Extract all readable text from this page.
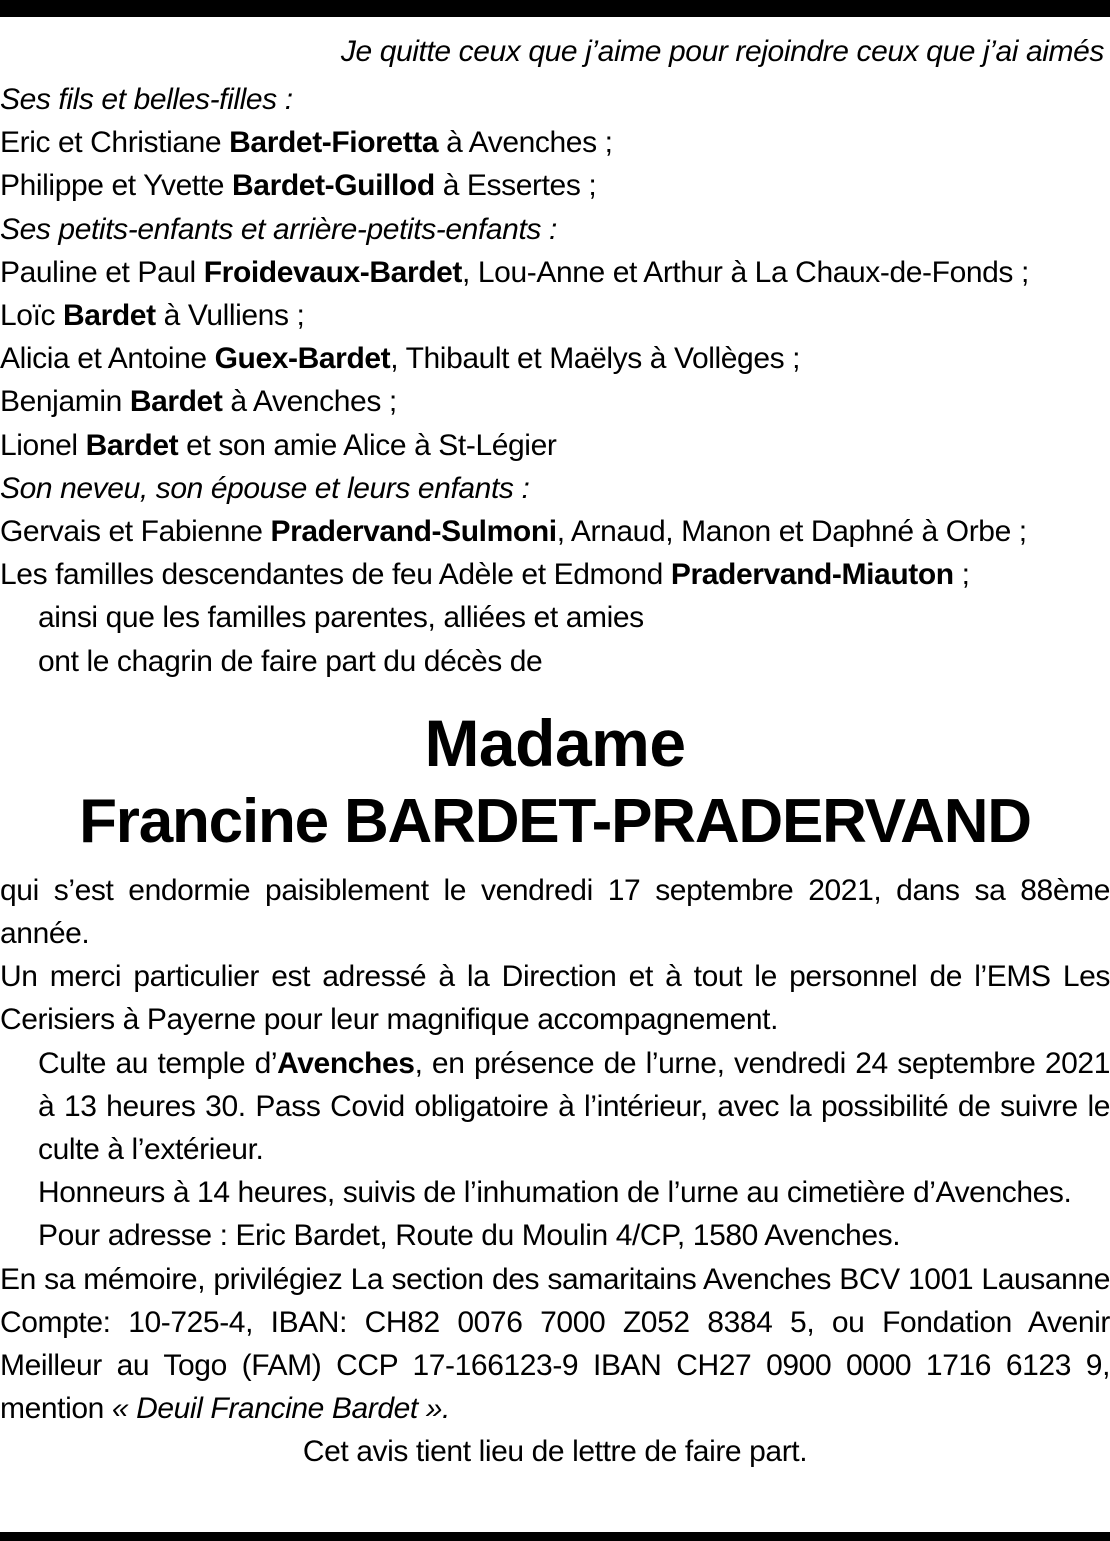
Je quitte ceux que j’aime pour rejoindre ceux que j’ai aimés

Ses fils et belles-filles :

Eric et Christiane Bardet-Fioretta à Avenches ;

Philippe et Yvette Bardet-Guillod à Essertes ;

Ses petits-enfants et arrière-petits-enfants :

Pauline et Paul Froidevaux-Bardet, Lou-Anne et Arthur à La Chaux-de-Fonds ;

Loïc Bardet à Vulliens ;

Alicia et Antoine Guex-Bardet, Thibault et Maëlys à Vollèges ;

Benjamin Bardet à Avenches ;

Lionel Bardet et son amie Alice à St-Légier

Son neveu, son épouse et leurs enfants :

Gervais et Fabienne Pradervand-Sulmoni, Arnaud, Manon et Daphné à Orbe ;

Les familles descendantes de feu Adèle et Edmond Pradervand-Miauton ;

ainsi que les familles parentes, alliées et amies

ont le chagrin de faire part du décès de

Madame
Francine BARDET-PRADERVAND

qui s’est endormie paisiblement le vendredi 17 septembre 2021, dans sa 88ème année.

Un merci particulier est adressé à la Direction et à tout le personnel de l’EMS Les Cerisiers à Payerne pour leur magnifique accompagnement.

Culte au temple d’Avenches, en présence de l’urne, vendredi 24 septembre 2021 à 13 heures 30. Pass Covid obligatoire à l’intérieur, avec la possibilité de suivre le culte à l’extérieur.

Honneurs à 14 heures, suivis de l’inhumation de l’urne au cimetière d’Avenches.

Pour adresse : Eric Bardet, Route du Moulin 4/CP, 1580 Avenches.

En sa mémoire, privilégiez La section des samaritains Avenches BCV 1001 Lausanne Compte: 10-725-4, IBAN: CH82 0076 7000 Z052 8384 5, ou Fondation Avenir Meilleur au Togo (FAM) CCP 17-166123-9 IBAN CH27 0900 0000 1716 6123 9, mention « Deuil Francine Bardet ».

Cet avis tient lieu de lettre de faire part.
